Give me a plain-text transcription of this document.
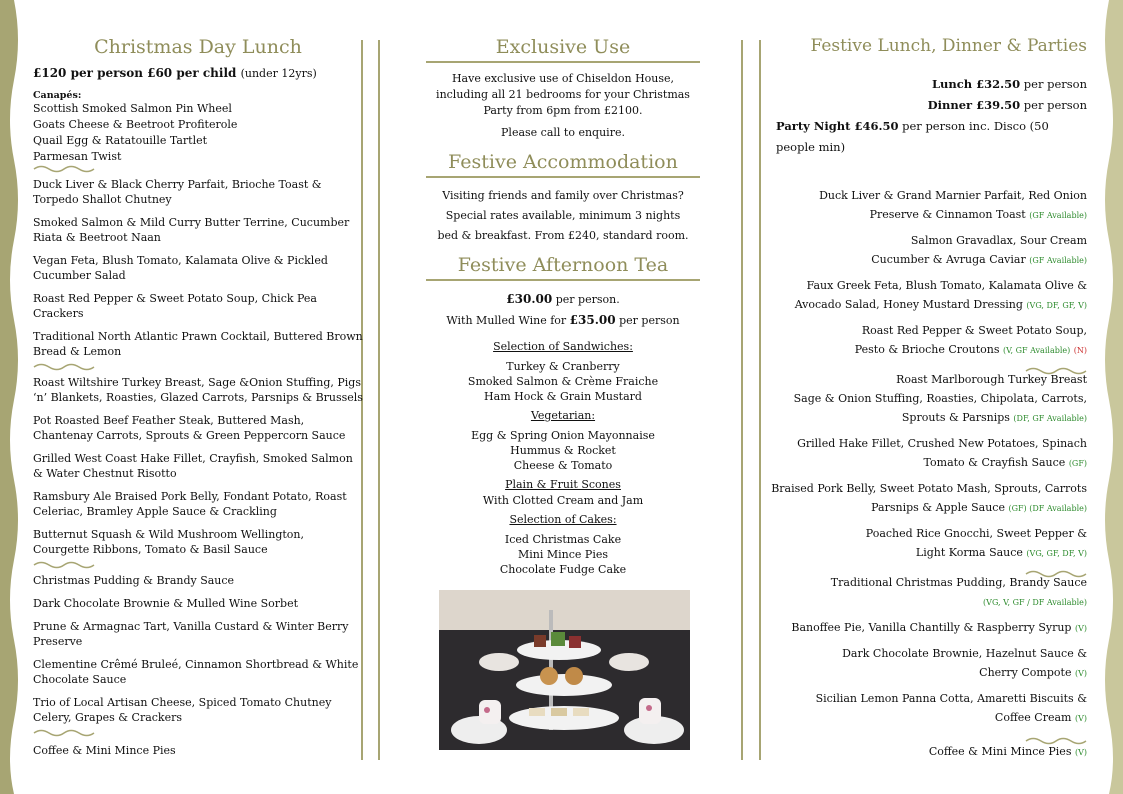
Christmas Day Lunch
£120 per person £60 per child (under 12yrs)
Canapés:
Scottish Smoked Salmon Pin Wheel
Goats Cheese & Beetroot Profiterole
Quail Egg & Ratatouille Tartlet
Parmesan Twist
Duck Liver & Black Cherry Parfait, Brioche Toast & Torpedo Shallot Chutney
Smoked Salmon & Mild Curry Butter Terrine, Cucumber Riata & Beetroot Naan
Vegan Feta, Blush Tomato, Kalamata Olive & Pickled Cucumber Salad
Roast Red Pepper & Sweet Potato Soup, Chick Pea Crackers
Traditional North Atlantic Prawn Cocktail, Buttered Brown Bread & Lemon
Roast Wiltshire Turkey Breast, Sage &Onion Stuffing, Pigs ‘n’ Blankets, Roasties, Glazed Carrots, Parsnips & Brussels
Pot Roasted Beef Feather Steak, Buttered Mash, Chantenay Carrots, Sprouts & Green Peppercorn Sauce
Grilled West Coast Hake Fillet, Crayfish, Smoked Salmon & Water Chestnut Risotto
Ramsbury Ale Braised Pork Belly, Fondant Potato, Roast Celeriac, Bramley Apple Sauce & Crackling
Butternut Squash & Wild Mushroom Wellington, Courgette Ribbons, Tomato & Basil Sauce
Christmas Pudding & Brandy Sauce
Dark Chocolate Brownie & Mulled Wine Sorbet
Prune & Armagnac Tart, Vanilla Custard & Winter Berry Preserve
Clementine Crêmé Bruleé, Cinnamon Shortbread & White Chocolate Sauce
Trio of Local Artisan Cheese, Spiced Tomato Chutney Celery, Grapes & Crackers
Coffee & Mini Mince Pies
Exclusive Use

Have exclusive use of Chiseldon House, including all 21 bedrooms for your Christmas Party from 6pm from £2100.

Please call to enquire.

Festive Accommodation

Visiting friends and family over Christmas?

Special rates available, minimum 3 nights

bed & breakfast. From £240, standard room.

Festive Afternoon Tea

£30.00 per person.

With Mulled Wine for £35.00 per person

Selection of Sandwiches:

Turkey & Cranberry

Smoked Salmon & Crème Fraiche

Ham Hock & Grain Mustard

Vegetarian:

Egg & Spring Onion Mayonnaise

Hummus & Rocket

Cheese & Tomato

Plain & Fruit Scones

With Clotted Cream and Jam

Selection of Cakes:

Iced Christmas Cake

Mini Mince Pies

Chocolate Fudge Cake

Festive Lunch, Dinner & Parties
Lunch £32.50 per person
Dinner £39.50 per person
Party Night £46.50 per person inc. Disco (50 people min)
Duck Liver & Grand Marnier Parfait, Red Onion
Preserve & Cinnamon Toast (GF Available)
Salmon Gravadlax, Sour Cream
Cucumber & Avruga Caviar (GF Available)
Faux Greek Feta, Blush Tomato, Kalamata Olive &
Avocado Salad, Honey Mustard Dressing (VG, DF, GF, V)
Roast Red Pepper & Sweet Potato Soup,
Pesto & Brioche Croutons (V, GF Available) (N)
Roast Marlborough Turkey Breast
Sage & Onion Stuffing, Roasties, Chipolata, Carrots,
Sprouts & Parsnips (DF, GF Available)
Grilled Hake Fillet, Crushed New Potatoes, Spinach
Tomato & Crayfish Sauce (GF)
Braised Pork Belly, Sweet Potato Mash, Sprouts, Carrots
Parsnips & Apple Sauce (GF) (DF Available)
Poached Rice Gnocchi, Sweet Pepper &
Light Korma Sauce (VG, GF, DF, V)
Traditional Christmas Pudding, Brandy Sauce
(VG, V, GF / DF Available)
Banoffee Pie, Vanilla Chantilly & Raspberry Syrup (V)
Dark Chocolate Brownie, Hazelnut Sauce &
Cherry Compote (V)
Sicilian Lemon Panna Cotta, Amaretti Biscuits &
Coffee Cream (V)
Coffee & Mini Mince Pies (V)
